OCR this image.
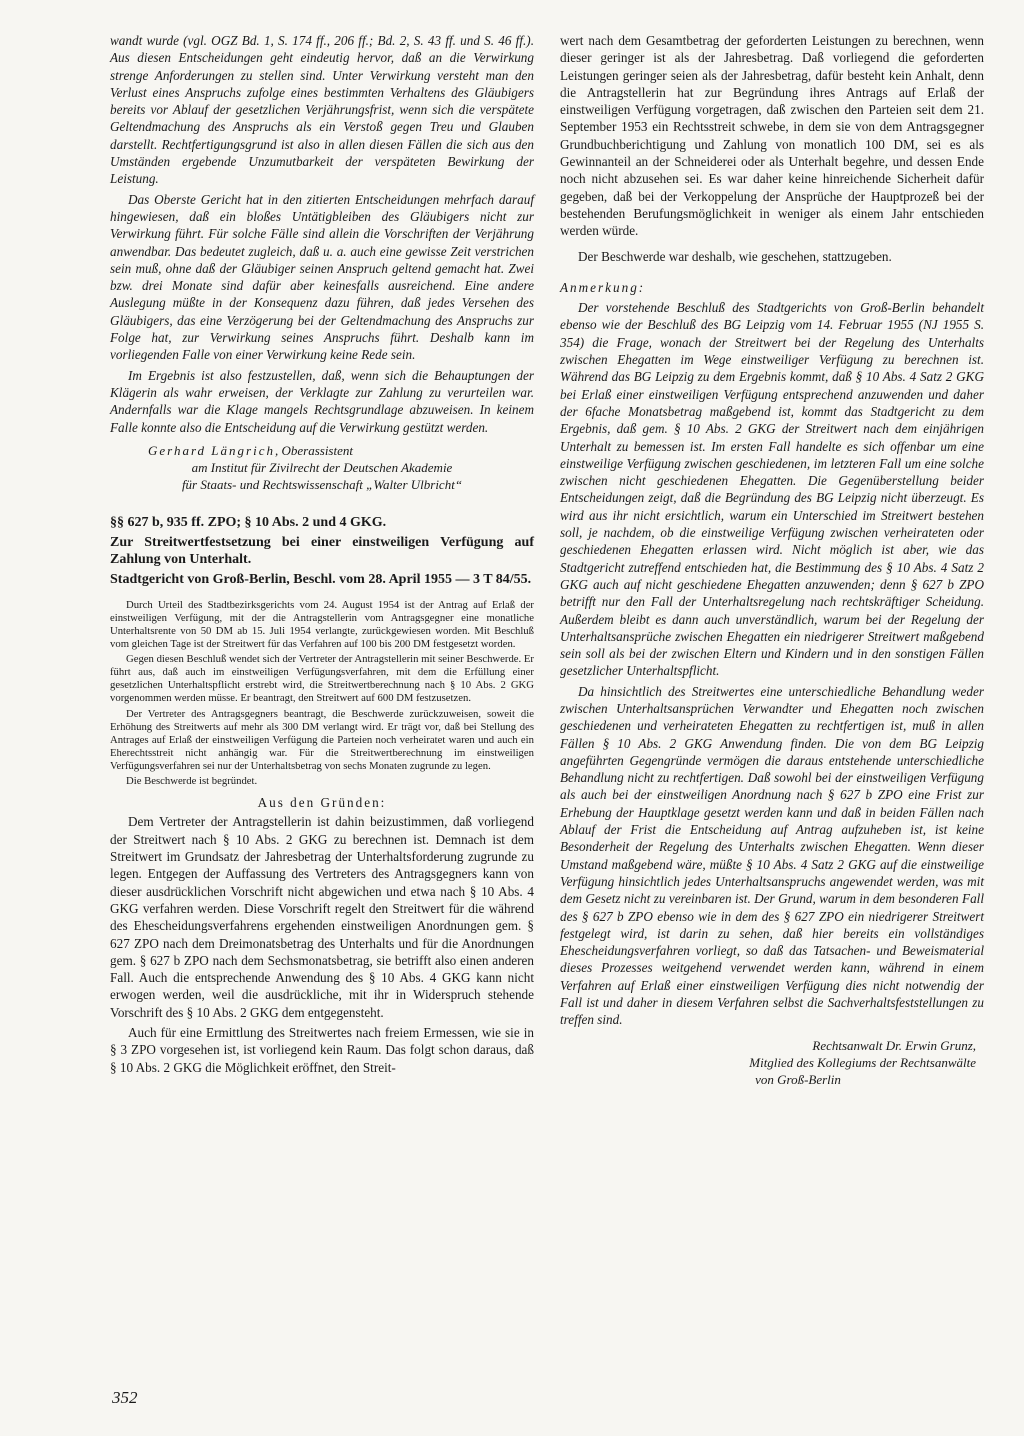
wandt wurde (vgl. OGZ Bd. 1, S. 174 ff., 206 ff.; Bd. 2, S. 43 ff. und S. 46 ff.). Aus diesen Entscheidungen geht eindeutig hervor, daß an die Verwirkung strenge Anforderungen zu stellen sind. Unter Verwirkung versteht man den Verlust eines Anspruchs zufolge eines bestimmten Verhaltens des Gläubigers bereits vor Ablauf der gesetzlichen Verjährungsfrist, wenn sich die verspätete Geltendmachung des Anspruchs als ein Verstoß gegen Treu und Glauben darstellt. Rechtfertigungsgrund ist also in allen diesen Fällen die sich aus den Umständen ergebende Unzumutbarkeit der verspäteten Bewirkung der Leistung.

Das Oberste Gericht hat in den zitierten Entscheidungen mehrfach darauf hingewiesen, daß ein bloßes Untätigbleiben des Gläubigers nicht zur Verwirkung führt. Für solche Fälle sind allein die Vorschriften der Verjährung anwendbar. Das bedeutet zugleich, daß u. a. auch eine gewisse Zeit verstrichen sein muß, ohne daß der Gläubiger seinen Anspruch geltend gemacht hat. Zwei bzw. drei Monate sind dafür aber keinesfalls ausreichend. Eine andere Auslegung müßte in der Konsequenz dazu führen, daß jedes Versehen des Gläubigers, das eine Verzögerung bei der Geltendmachung des Anspruchs zur Folge hat, zur Verwirkung seines Anspruchs führt. Deshalb kann im vorliegenden Falle von einer Verwirkung keine Rede sein.

Im Ergebnis ist also festzustellen, daß, wenn sich die Behauptungen der Klägerin als wahr erweisen, der Verklagte zur Zahlung zu verurteilen war. Andernfalls war die Klage mangels Rechtsgrundlage abzuweisen. In keinem Falle konnte also die Entscheidung auf die Verwirkung gestützt werden.

Gerhard Längrich, Oberassistent
am Institut für Zivilrecht der Deutschen Akademie
für Staats- und Rechtswissenschaft „Walter Ulbricht“

§§ 627 b, 935 ff. ZPO; § 10 Abs. 2 und 4 GKG.

Zur Streitwertfestsetzung bei einer einstweiligen Verfügung auf Zahlung von Unterhalt.

Stadtgericht von Groß-Berlin, Beschl. vom 28. April 1955 — 3 T 84/55.

Durch Urteil des Stadtbezirksgerichts vom 24. August 1954 ist der Antrag auf Erlaß der einstweiligen Verfügung, mit der die Antragstellerin vom Antragsgegner eine monatliche Unterhaltsrente von 50 DM ab 15. Juli 1954 verlangte, zurückgewiesen worden. Mit Beschluß vom gleichen Tage ist der Streitwert für das Verfahren auf 100 bis 200 DM festgesetzt worden.

Gegen diesen Beschluß wendet sich der Vertreter der Antragstellerin mit seiner Beschwerde. Er führt aus, daß auch im einstweiligen Verfügungsverfahren, mit dem die Erfüllung einer gesetzlichen Unterhaltspflicht erstrebt wird, die Streitwertberechnung nach § 10 Abs. 2 GKG vorgenommen werden müsse. Er beantragt, den Streitwert auf 600 DM festzusetzen.

Der Vertreter des Antragsgegners beantragt, die Beschwerde zurückzuweisen, soweit die Erhöhung des Streitwerts auf mehr als 300 DM verlangt wird. Er trägt vor, daß bei Stellung des Antrages auf Erlaß der einstweiligen Verfügung die Parteien noch verheiratet waren und auch ein Eherechtsstreit nicht anhängig war. Für die Streitwertberechnung im einstweiligen Verfügungsverfahren sei nur der Unterhaltsbetrag von sechs Monaten zugrunde zu legen.

Die Beschwerde ist begründet.

Aus den Gründen:

Dem Vertreter der Antragstellerin ist dahin beizustimmen, daß vorliegend der Streitwert nach § 10 Abs. 2 GKG zu berechnen ist. Demnach ist dem Streitwert im Grundsatz der Jahresbetrag der Unterhaltsforderung zugrunde zu legen. Entgegen der Auffassung des Vertreters des Antragsgegners kann von dieser ausdrücklichen Vorschrift nicht abgewichen und etwa nach § 10 Abs. 4 GKG verfahren werden. Diese Vorschrift regelt den Streitwert für die während des Ehescheidungsverfahrens ergehenden einstweiligen Anordnungen gem. § 627 ZPO nach dem Dreimonatsbetrag des Unterhalts und für die Anordnungen gem. § 627 b ZPO nach dem Sechsmonatsbetrag, sie betrifft also einen anderen Fall. Auch die entsprechende Anwendung des § 10 Abs. 4 GKG kann nicht erwogen werden, weil die ausdrückliche, mit ihr in Widerspruch stehende Vorschrift des § 10 Abs. 2 GKG dem entgegensteht.

Auch für eine Ermittlung des Streitwertes nach freiem Ermessen, wie sie in § 3 ZPO vorgesehen ist, ist vorliegend kein Raum. Das folgt schon daraus, daß § 10 Abs. 2 GKG die Möglichkeit eröffnet, den Streit-

wert nach dem Gesamtbetrag der geforderten Leistungen zu berechnen, wenn dieser geringer ist als der Jahresbetrag. Daß vorliegend die geforderten Leistungen geringer seien als der Jahresbetrag, dafür besteht kein Anhalt, denn die Antragstellerin hat zur Begründung ihres Antrags auf Erlaß der einstweiligen Verfügung vorgetragen, daß zwischen den Parteien seit dem 21. September 1953 ein Rechtsstreit schwebe, in dem sie von dem Antragsgegner Grundbuchberichtigung und Zahlung von monatlich 100 DM, sei es als Gewinnanteil an der Schneiderei oder als Unterhalt begehre, und dessen Ende noch nicht abzusehen sei. Es war daher keine hinreichende Sicherheit dafür gegeben, daß bei der Verkoppelung der Ansprüche der Hauptprozeß bei der bestehenden Berufungsmöglichkeit in weniger als einem Jahr entschieden werden würde.

Der Beschwerde war deshalb, wie geschehen, stattzugeben.

Anmerkung:

Der vorstehende Beschluß des Stadtgerichts von Groß-Berlin behandelt ebenso wie der Beschluß des BG Leipzig vom 14. Februar 1955 (NJ 1955 S. 354) die Frage, wonach der Streitwert bei der Regelung des Unterhalts zwischen Ehegatten im Wege einstweiliger Verfügung zu berechnen ist. Während das BG Leipzig zu dem Ergebnis kommt, daß § 10 Abs. 4 Satz 2 GKG bei Erlaß einer einstweiligen Verfügung entsprechend anzuwenden und daher der 6fache Monatsbetrag maßgebend ist, kommt das Stadtgericht zu dem Ergebnis, daß gem. § 10 Abs. 2 GKG der Streitwert nach dem einjährigen Unterhalt zu bemessen ist. Im ersten Fall handelte es sich offenbar um eine einstweilige Verfügung zwischen geschiedenen, im letzteren Fall um eine solche zwischen nicht geschiedenen Ehegatten. Die Gegenüberstellung beider Entscheidungen zeigt, daß die Begründung des BG Leipzig nicht überzeugt. Es wird aus ihr nicht ersichtlich, warum ein Unterschied im Streitwert bestehen soll, je nachdem, ob die einstweilige Verfügung zwischen verheirateten oder geschiedenen Ehegatten erlassen wird. Nicht möglich ist aber, wie das Stadtgericht zutreffend entschieden hat, die Bestimmung des § 10 Abs. 4 Satz 2 GKG auch auf nicht geschiedene Ehegatten anzuwenden; denn § 627 b ZPO betrifft nur den Fall der Unterhaltsregelung nach rechtskräftiger Scheidung. Außerdem bleibt es dann auch unverständlich, warum bei der Regelung der Unterhaltsansprüche zwischen Ehegatten ein niedrigerer Streitwert maßgebend sein soll als bei der zwischen Eltern und Kindern und in den sonstigen Fällen gesetzlicher Unterhaltspflicht.

Da hinsichtlich des Streitwertes eine unterschiedliche Behandlung weder zwischen Unterhaltsansprüchen Verwandter und Ehegatten noch zwischen geschiedenen und verheirateten Ehegatten zu rechtfertigen ist, muß in allen Fällen § 10 Abs. 2 GKG Anwendung finden. Die von dem BG Leipzig angeführten Gegengründe vermögen die daraus entstehende unterschiedliche Behandlung nicht zu rechtfertigen. Daß sowohl bei der einstweiligen Verfügung als auch bei der einstweiligen Anordnung nach § 627 b ZPO eine Frist zur Erhebung der Hauptklage gesetzt werden kann und daß in beiden Fällen nach Ablauf der Frist die Entscheidung auf Antrag aufzuheben ist, ist keine Besonderheit der Regelung des Unterhalts zwischen Ehegatten. Wenn dieser Umstand maßgebend wäre, müßte § 10 Abs. 4 Satz 2 GKG auf die einstweilige Verfügung hinsichtlich jedes Unterhaltsanspruchs angewendet werden, was mit dem Gesetz nicht zu vereinbaren ist. Der Grund, warum in dem besonderen Fall des § 627 b ZPO ebenso wie in dem des § 627 ZPO ein niedrigerer Streitwert festgelegt wird, ist darin zu sehen, daß hier bereits ein vollständiges Ehescheidungsverfahren vorliegt, so daß das Tatsachen- und Beweismaterial dieses Prozesses weitgehend verwendet werden kann, während in einem Verfahren auf Erlaß einer einstweiligen Verfügung dies nicht notwendig der Fall ist und daher in diesem Verfahren selbst die Sachverhaltsfeststellungen zu treffen sind.

Rechtsanwalt Dr. Erwin Grunz,
Mitglied des Kollegiums der Rechtsanwälte
von Groß-Berlin
352
